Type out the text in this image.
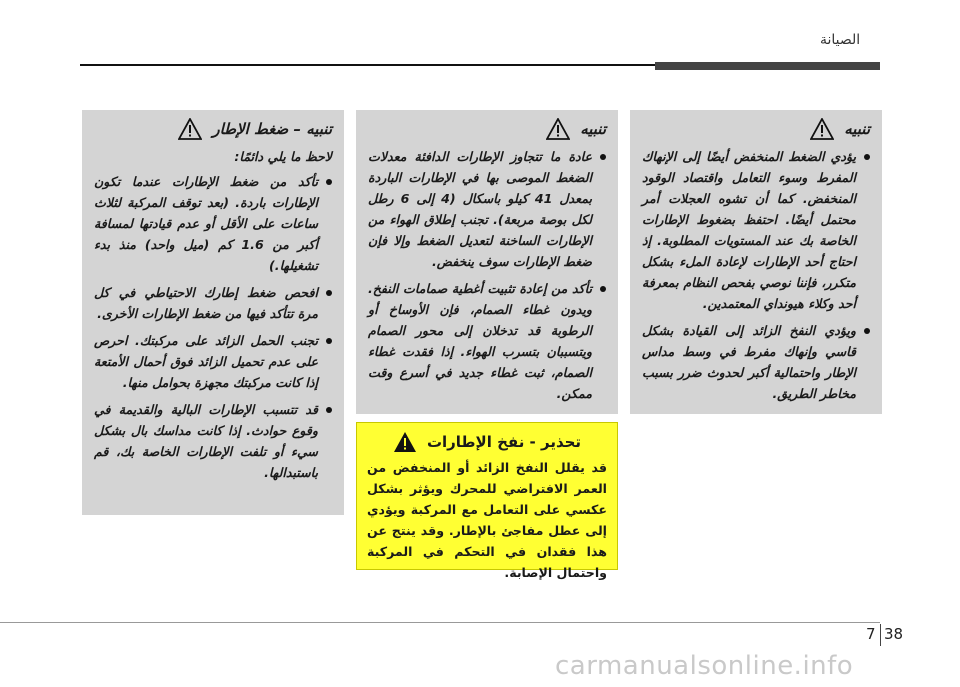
الصيانة
تنبيه
يؤدي الضغط المنخفض أيضًا إلى الإنهاك المفرط وسوء التعامل واقتصاد الوقود المنخفض. كما أن تشوه العجلات أمر محتمل أيضًا. احتفظ بضغوط الإطارات الخاصة بك عند المستويات المطلوبة. إذ احتاج أحد الإطارات لإعادة الملء بشكل متكرر، فإننا نوصي بفحص النظام بمعرفة أحد وكلاء هيونداي المعتمدين.
ويؤدي النفخ الزائد إلى القيادة بشكل قاسي وإنهاك مفرط في وسط مداس الإطار واحتمالية أكبر لحدوث ضرر بسبب مخاطر الطريق.
تنبيه
عادة ما تتجاوز الإطارات الدافئة معدلات الضغط الموصى بها في الإطارات الباردة بمعدل 41 كيلو باسكال (4 إلى 6 رطل لكل بوصة مربعة). تجنب إطلاق الهواء من الإطارات الساخنة لتعديل الضغط وإلا فإن ضغط الإطارات سوف ينخفض.
تأكد من إعادة تثبيت أغطية صمامات النفخ. ويدون غطاء الصمام، فإن الأوساخ أو الرطوبة قد تدخلان إلى محور الصمام ويتسببان بتسرب الهواء. إذا فقدت غطاء الصمام، ثبت غطاء جديد في أسرع وقت ممكن.
تحذير - نفخ الإطارات
قد يقلل النفخ الزائد أو المنخفض من العمر الافتراضي للمحرك ويؤثر بشكل عكسي على التعامل مع المركبة ويؤدي إلى عطل مفاجئ بالإطار. وقد ينتج عن هذا فقدان في التحكم في المركبة واحتمال الإصابة.
تنبيه – ضغط الإطار
لاحظ ما يلي دائمًا:
تأكد من ضغط الإطارات عندما تكون الإطارات باردة. (بعد توقف المركبة لثلاث ساعات على الأقل أو عدم قيادتها لمسافة أكبر من 1.6 كم (ميل واحد) منذ بدء تشغيلها.)
افحص ضغط إطارك الاحتياطي في كل مرة تتأكد فيها من ضغط الإطارات الأخرى.
تجنب الحمل الزائد على مركبتك. احرص على عدم تحميل الزائد فوق أحمال الأمتعة إذا كانت مركبتك مجهزة بحوامل منها.
قد تتسبب الإطارات البالية والقديمة في وقوع حوادث. إذا كانت مداسك بال بشكل سيء أو تلفت الإطارات الخاصة بك، قم باستبدالها.
7 38
carmanualsonline.info
